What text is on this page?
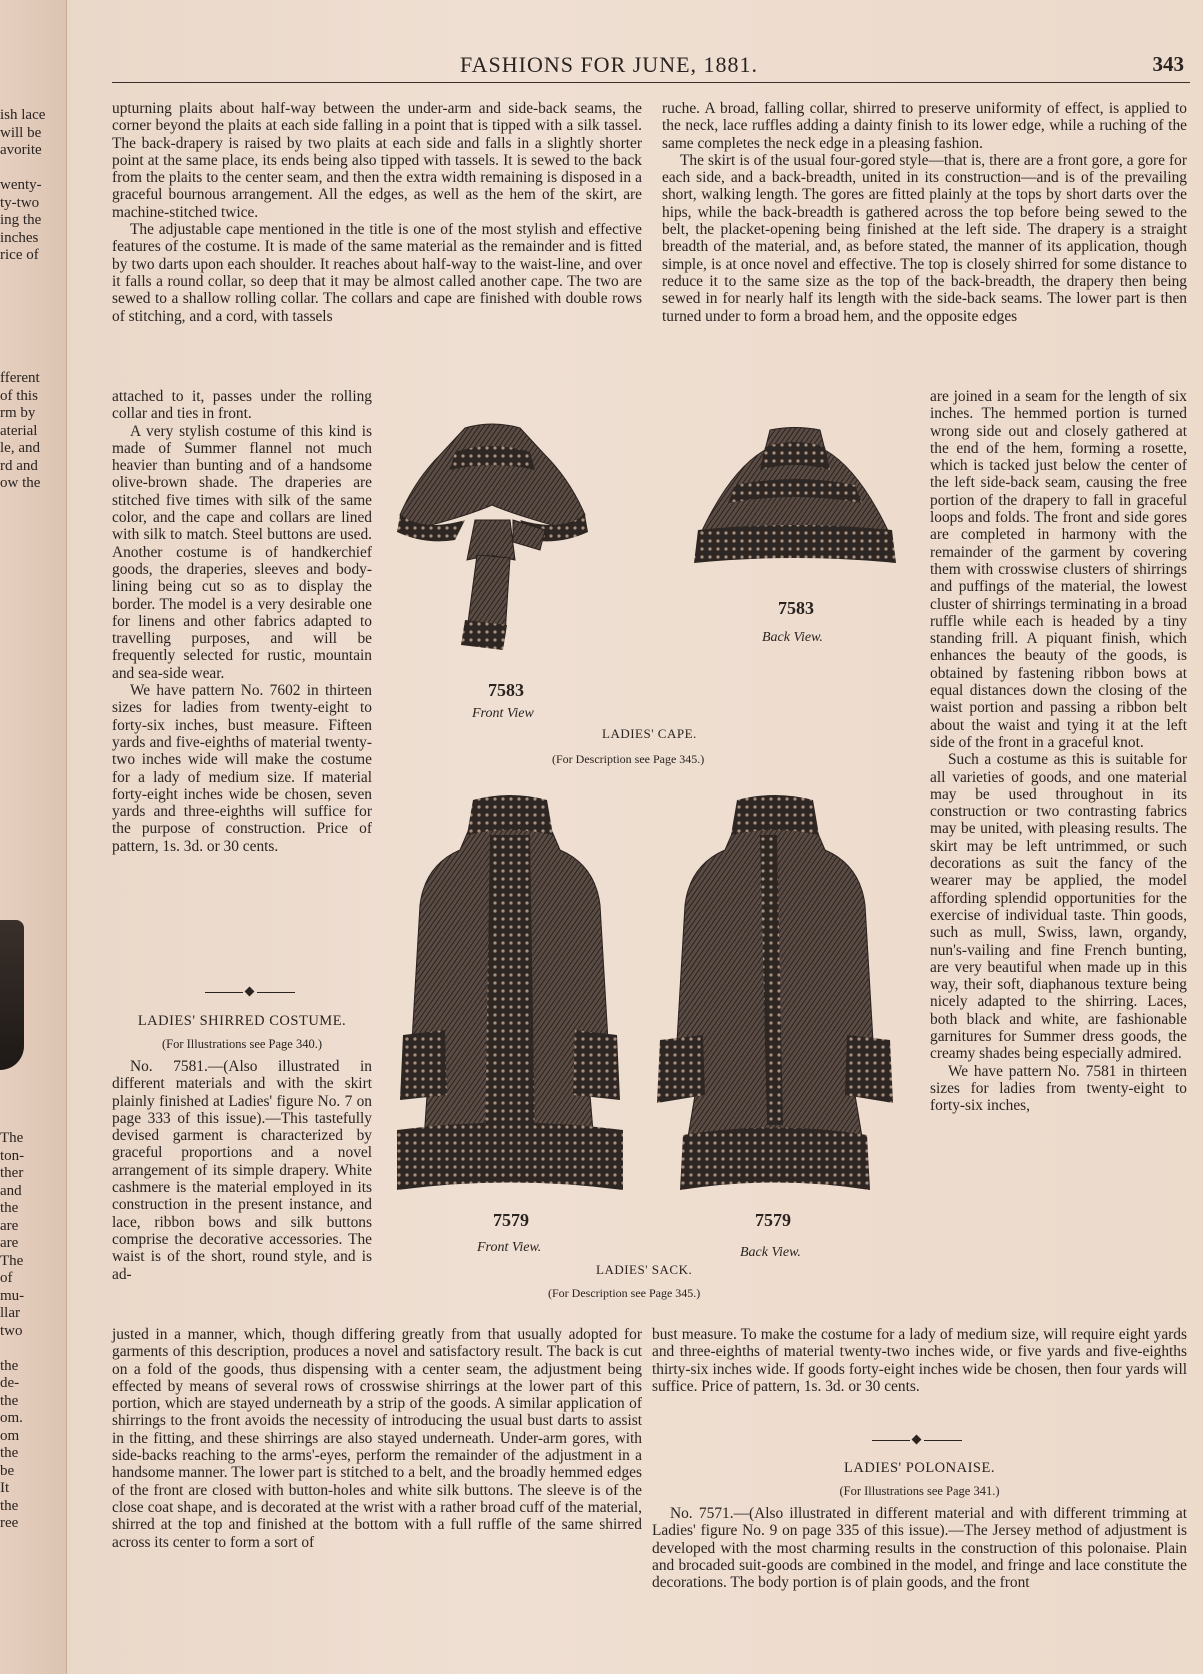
ish lace
will be
avorite
wenty-
ty-two
ing the
inches
rice of
fferent
of this
rm by
aterial
le, and
rd and
ow the
The
ton-
ther
and
the
are
are
The
of
mu-
llar
two
the
de-
the
om.
om
the
be
It
the
ree
FASHIONS FOR JUNE, 1881.	343

upturning plaits about half-way between the under-arm and side-back seams, the corner beyond the plaits at each side falling in a point that is tipped with a silk tassel. The back-drapery is raised by two plaits at each side and falls in a slightly shorter point at the same place, its ends being also tipped with tassels. It is sewed to the back from the plaits to the center seam, and then the extra width remaining is disposed in a graceful bournous arrangement. All the edges, as well as the hem of the skirt, are machine-stitched twice.

The adjustable cape mentioned in the title is one of the most stylish and effective features of the costume. It is made of the same material as the remainder and is fitted by two darts upon each shoulder. It reaches about half-way to the waist-line, and over it falls a round collar, so deep that it may be almost called another cape. The two are sewed to a shallow rolling collar. The collars and cape are finished with double rows of stitching, and a cord, with tassels

attached to it, passes under the rolling collar and ties in front.

A very stylish costume of this kind is made of Summer flannel not much heavier than bunting and of a handsome olive-brown shade. The draperies are stitched five times with silk of the same color, and the cape and collars are lined with silk to match. Steel buttons are used. Another costume is of handkerchief goods, the draperies, sleeves and body-lining being cut so as to display the border. The model is a very desirable one for linens and other fabrics adapted to travelling purposes, and will be frequently selected for rustic, mountain and sea-side wear.

We have pattern No. 7602 in thirteen sizes for ladies from twenty-eight to forty-six inches, bust measure. Fifteen yards and five-eighths of material twenty-two inches wide will make the costume for a lady of medium size. If material forty-eight inches wide be chosen, seven yards and three-eighths will suffice for the purpose of construction. Price of pattern, 1s. 3d. or 30 cents.

LADIES' SHIRRED COSTUME.
(For Illustrations see Page 340.)

No. 7581.—(Also illustrated in different materials and with the skirt plainly finished at Ladies' figure No. 7 on page 333 of this issue).—This tastefully devised garment is characterized by graceful proportions and a novel arrangement of its simple drapery. White cashmere is the material employed in its construction in the present instance, and lace, ribbon bows and silk buttons comprise the decorative accessories. The waist is of the short, round style, and is ad-

justed in a manner, which, though differing greatly from that usually adopted for garments of this description, produces a novel and satisfactory result. The back is cut on a fold of the goods, thus dispensing with a center seam, the adjustment being effected by means of several rows of crosswise shirrings at the lower part of this portion, which are stayed underneath by a strip of the goods. A similar application of shirrings to the front avoids the necessity of introducing the usual bust darts to assist in the fitting, and these shirrings are also stayed underneath. Under-arm gores, with side-backs reaching to the arms'-eyes, perform the remainder of the adjustment in a handsome manner. The lower part is stitched to a belt, and the broadly hemmed edges of the front are closed with button-holes and white silk buttons. The sleeve is of the close coat shape, and is decorated at the wrist with a rather broad cuff of the material, shirred at the top and finished at the bottom with a full ruffle of the same shirred across its center to form a sort of

ruche. A broad, falling collar, shirred to preserve uniformity of effect, is applied to the neck, lace ruffles adding a dainty finish to its lower edge, while a ruching of the same completes the neck edge in a pleasing fashion.

The skirt is of the usual four-gored style—that is, there are a front gore, a gore for each side, and a back-breadth, united in its construction—and is of the prevailing short, walking length. The gores are fitted plainly at the tops by short darts over the hips, while the back-breadth is gathered across the top before being sewed to the belt, the placket-opening being finished at the left side. The drapery is a straight breadth of the material, and, as before stated, the manner of its application, though simple, is at once novel and effective. The top is closely shirred for some distance to reduce it to the same size as the top of the back-breadth, the drapery then being sewed in for nearly half its length with the side-back seams. The lower part is then turned under to form a broad hem, and the opposite edges

are joined in a seam for the length of six inches. The hemmed portion is turned wrong side out and closely gathered at the end of the hem, forming a rosette, which is tacked just below the center of the left side-back seam, causing the free portion of the drapery to fall in graceful loops and folds. The front and side gores are completed in harmony with the remainder of the garment by covering them with crosswise clusters of shirrings and puffings of the material, the lowest cluster of shirrings terminating in a broad ruffle while each is headed by a tiny standing frill. A piquant finish, which enhances the beauty of the goods, is obtained by fastening ribbon bows at equal distances down the closing of the waist portion and passing a ribbon belt about the waist and tying it at the left side of the front in a graceful knot.

Such a costume as this is suitable for all varieties of goods, and one material may be used throughout in its construction or two contrasting fabrics may be united, with pleasing results. The skirt may be left untrimmed, or such decorations as suit the fancy of the wearer may be applied, the model affording splendid opportunities for the exercise of individual taste. Thin goods, such as mull, Swiss, lawn, organdy, nun's-vailing and fine French bunting, are very beautiful when made up in this way, their soft, diaphanous texture being nicely adapted to the shirring. Laces, both black and white, are fashionable garnitures for Summer dress goods, the creamy shades being especially admired.

We have pattern No. 7581 in thirteen sizes for ladies from twenty-eight to forty-six inches,

bust measure. To make the costume for a lady of medium size, will require eight yards and three-eighths of material twenty-two inches wide, or five yards and five-eighths thirty-six inches wide. If goods forty-eight inches wide be chosen, then four yards will suffice. Price of pattern, 1s. 3d. or 30 cents.

LADIES' POLONAISE.
(For Illustrations see Page 341.)

No. 7571.—(Also illustrated in different material and with different trimming at Ladies' figure No. 9 on page 335 of this issue).—The Jersey method of adjustment is developed with the most charming results in the construction of this polonaise. Plain and brocaded suit-goods are combined in the model, and fringe and lace constitute the decorations. The body portion is of plain goods, and the front

7583
Front View
7583
Back View.
LADIES' CAPE.
(For Description see Page 345.)
7579
Front View.
7579
Back View.
LADIES' SACK.
(For Description see Page 345.)
